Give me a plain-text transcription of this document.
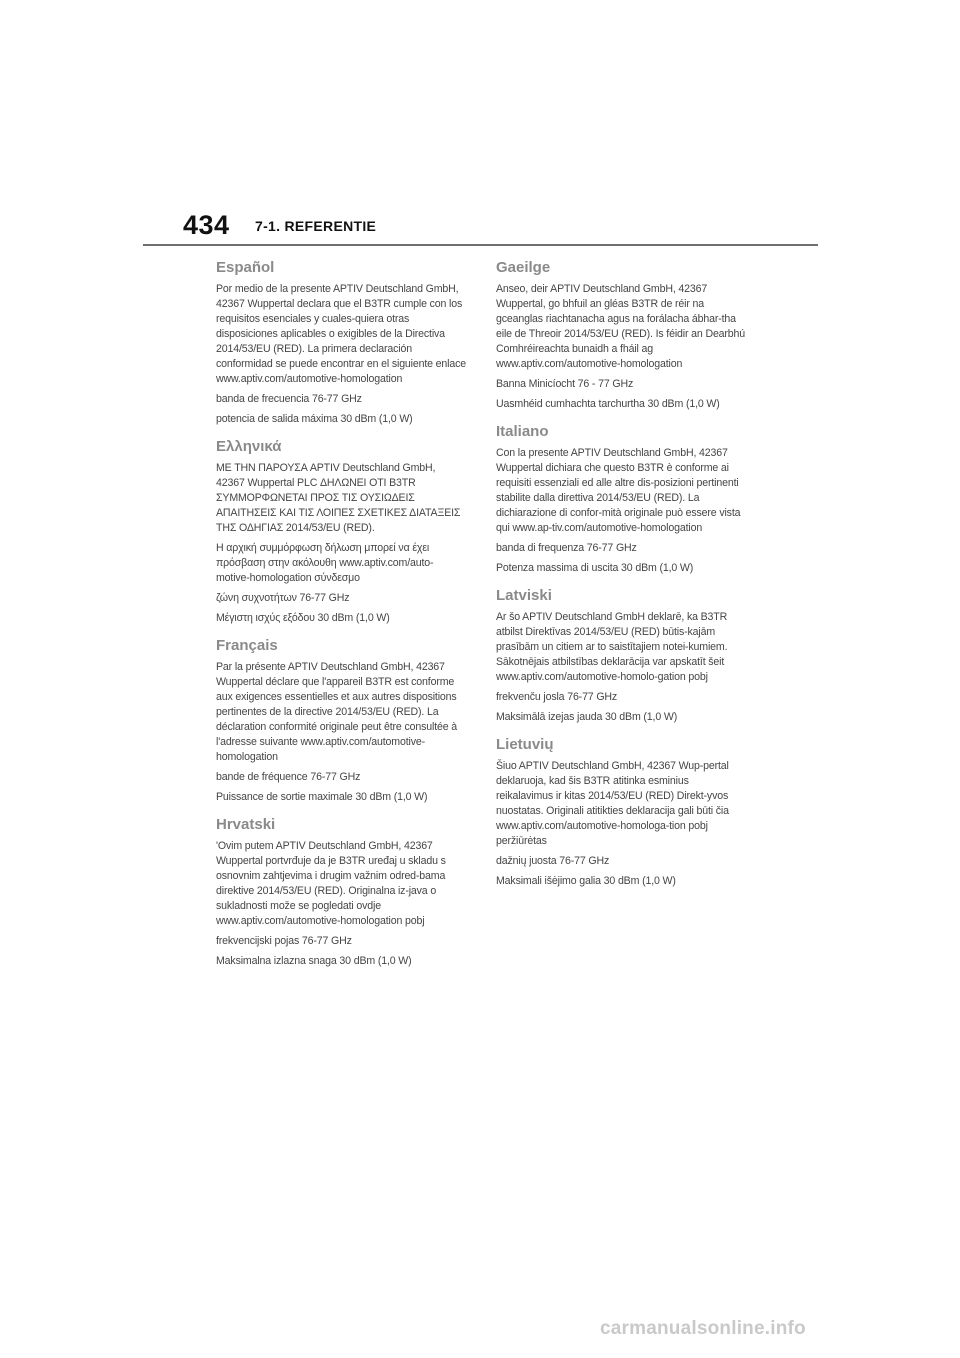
434 7-1. REFERENTIE
Español

Por medio de la presente APTIV Deutschland GmbH, 42367 Wuppertal declara que el B3TR cumple con los requisitos esenciales y cuales-quiera otras disposiciones aplicables o exigibles de la Directiva 2014/53/EU (RED). La primera declaración conformidad se puede encontrar en el siguiente enlace www.aptiv.com/automotive-homologation

banda de frecuencia 76-77 GHz

potencia de salida máxima 30 dBm (1,0 W)

Ελληνικά

ΜΕ ΤΗΝ ΠΑΡΟΥΣΑ APTIV Deutschland GmbH, 42367 Wuppertal PLC ΔΗΛΩΝΕΙ ΟΤΙ B3TR ΣΥΜΜΟΡΦΩΝΕΤΑΙ ΠΡΟΣ ΤΙΣ ΟΥΣΙΩΔΕΙΣ ΑΠΑΙΤΗΣΕΙΣ ΚΑΙ ΤΙΣ ΛΟΙΠΕΣ ΣΧΕΤΙΚΕΣ ΔΙΑΤΑΞΕΙΣ ΤΗΣ ΟΔΗΓΙΑΣ 2014/53/EU (RED).

Η αρχική συμμόρφωση δήλωση μπορεί να έχει πρόσβαση στην ακόλουθη www.aptiv.com/auto-motive-homologation σύνδεσμο

ζώνη συχνοτήτων 76-77 GHz

Μέγιστη ισχύς εξόδου 30 dBm (1,0 W)

Français

Par la présente APTIV Deutschland GmbH, 42367 Wuppertal déclare que l'appareil B3TR est conforme aux exigences essentielles et aux autres dispositions pertinentes de la directive 2014/53/EU (RED). La déclaration conformité originale peut être consultée à l'adresse suivante www.aptiv.com/automotive-homologation

bande de fréquence 76-77 GHz

Puissance de sortie maximale 30 dBm (1,0 W)

Hrvatski

'Ovim putem APTIV Deutschland GmbH, 42367 Wuppertal portvrđuje da je B3TR uređaj u skladu s osnovnim zahtjevima i drugim važnim odred-bama direktive 2014/53/EU (RED). Originalna iz-java o sukladnosti može se pogledati ovdje www.aptiv.com/automotive-homologation pobj

frekvencijski pojas 76-77 GHz

Maksimalna izlazna snaga 30 dBm (1,0 W)

Gaeilge

Anseo, deir APTIV Deutschland GmbH, 42367 Wuppertal, go bhfuil an gléas B3TR de réir na gceanglas riachtanacha agus na forálacha ábhar-tha eile de Threoir 2014/53/EU (RED). Is féidir an Dearbhú Comhréireachta bunaidh a fháil ag www.aptiv.com/automotive-homologation

Banna Minicíocht 76 - 77 GHz

Uasmhéid cumhachta tarchurtha 30 dBm (1,0 W)

Italiano

Con la presente APTIV Deutschland GmbH, 42367 Wuppertal dichiara che questo B3TR è conforme ai requisiti essenziali ed alle altre dis-posizioni pertinenti stabilite dalla direttiva 2014/53/EU (RED). La dichiarazione di confor-mità originale può essere vista qui www.ap-tiv.com/automotive-homologation

banda di frequenza 76-77 GHz

Potenza massima di uscita 30 dBm (1,0 W)

Latviski

Ar šo APTIV Deutschland GmbH deklarē, ka B3TR atbilst Direktīvas 2014/53/EU (RED) būtis-kajām prasībām un citiem ar to saistītajiem notei-kumiem. Sākotnējais atbilstības deklarācija var apskatīt šeit www.aptiv.com/automotive-homolo-gation pobj

frekvenču josla 76-77 GHz

Maksimālā izejas jauda 30 dBm (1,0 W)

Lietuvių

Šiuo APTIV Deutschland GmbH, 42367 Wup-pertal deklaruoja, kad šis B3TR atitinka esminius reikalavimus ir kitas 2014/53/EU (RED) Direkt-yvos nuostatas. Originali atitikties deklaracija gali būti čia www.aptiv.com/automotive-homologa-tion pobj peržiūrėtas

dažnių juosta 76-77 GHz

Maksimali išėjimo galia 30 dBm (1,0 W)

carmanualsonline.info
